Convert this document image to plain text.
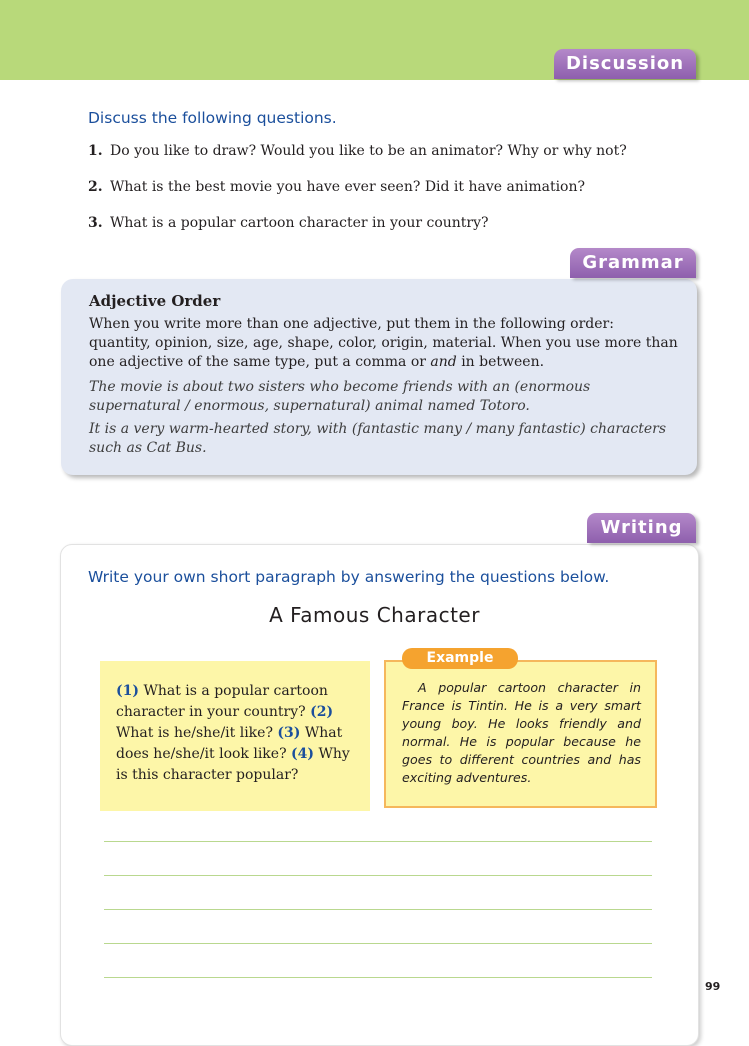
Discussion
Discuss the following questions.
1. Do you like to draw? Would you like to be an animator? Why or why not?
2. What is the best movie you have ever seen? Did it have animation?
3. What is a popular cartoon character in your country?
Adjective Order

When you write more than one adjective, put them in the following order: quantity, opinion, size, age, shape, color, origin, material. When you use more than one adjective of the same type, put a comma or and in between.

The movie is about two sisters who become friends with an (enormous supernatural / enormous, supernatural) animal named Totoro.

It is a very warm-hearted story, with (fantastic many / many fantastic) characters such as Cat Bus.

Grammar
Writing
Write your own short paragraph by answering the questions below.
A Famous Character
(1) What is a popular cartoon character in your country? (2) What is he/she/it like? (3) What does he/she/it look like? (4) Why is this character popular?
A popular cartoon character in France is Tintin. He is a very smart young boy. He looks friendly and normal. He is popular because he goes to different countries and has exciting adventures.
Example
99
